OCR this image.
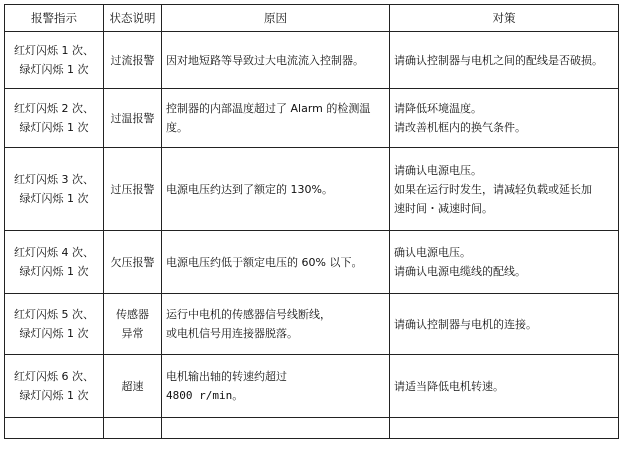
报警指示	状态说明	原因	对策

红灯闪烁 1 次、
绿灯闪烁 1 次	过流报警	因对地短路等导致过大电流流入控制器。	请确认控制器与电机之间的配线是否破损。

红灯闪烁 2 次、
绿灯闪烁 1 次	过温报警	控制器的内部温度超过了 Alarm 的检测温
度。	请降低环境温度。
请改善机框内的换气条件。

红灯闪烁 3 次、
绿灯闪烁 1 次	过压报警	电源电压约达到了额定的 130%。	请确认电源电压。
如果在运行时发生，请减轻负载或延长加
速时间・减速时间。

红灯闪烁 4 次、
绿灯闪烁 1 次	欠压报警	电源电压约低于额定电压的 60% 以下。	确认电源电压。
请确认电源电缆线的配线。

红灯闪烁 5 次、
绿灯闪烁 1 次	传感器
异常	运行中电机的传感器信号线断线，
或电机信号用连接器脱落。	请确认控制器与电机的连接。

红灯闪烁 6 次、
绿灯闪烁 1 次	超速	电机输出轴的转速约超过
4800 r/min。	请适当降低电机转速。
